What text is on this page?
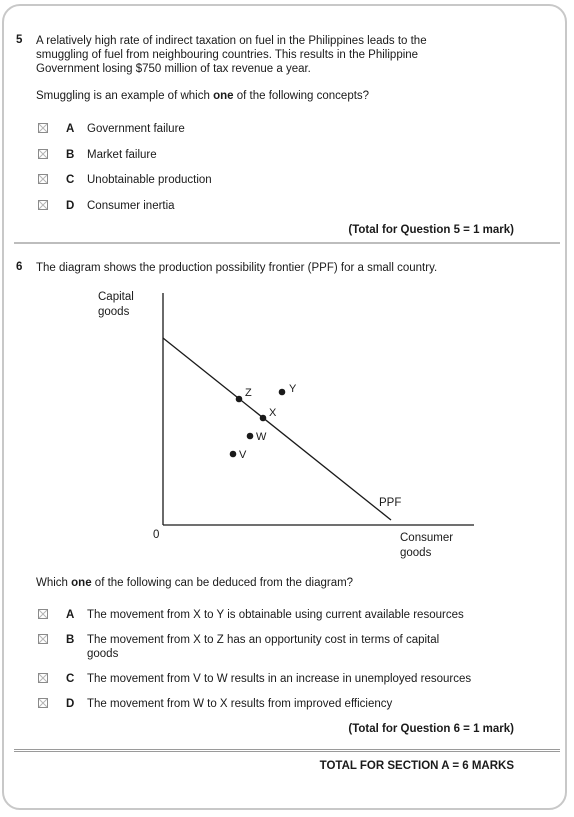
5 A relatively high rate of indirect taxation on fuel in the Philippines leads to the
smuggling of fuel from neighbouring countries. This results in the Philippine
Government losing $750 million of tax revenue a year.
Smuggling is an example of which one of the following concepts?
A Government failure
B Market failure
C Unobtainable production
D Consumer inertia
(Total for Question 5 = 1 mark)
6 The diagram shows the production possibility frontier (PPF) for a small country.
Capital
goods
0	Consumer
goods
PPF
Z
X
Y
W
V
Which one of the following can be deduced from the diagram?
A The movement from X to Y is obtainable using current available resources
B The movement from X to Z has an opportunity cost in terms of capital
goods
C The movement from V to W results in an increase in unemployed resources
D The movement from W to X results from improved efficiency
(Total for Question 6 = 1 mark)
TOTAL FOR SECTION A = 6 MARKS
